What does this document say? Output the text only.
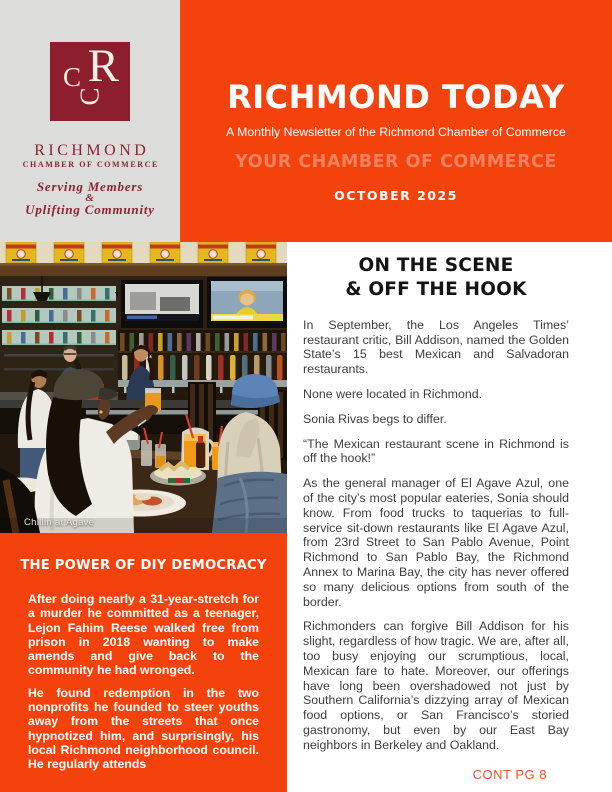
R
C
C
RICHMOND
CHAMBER OF COMMERCE
Serving Members
&
Uplifting Community
RICHMOND TODAY
A Monthly Newsletter of the Richmond Chamber of Commerce
YOUR CHAMBER OF COMMERCE
OCTOBER 2025
Chillin at Agave
THE POWER OF DIY DEMOCRACY

After doing nearly a 31-year-stretch for a murder he committed as a teenager, Lejon Fahim Reese walked free from prison in 2018 wanting to make amends and give back to the community he had wronged.

He found redemption in the two nonprofits he founded to steer youths away from the streets that once hypnotized him, and surprisingly, his local Richmond neighborhood council. He regularly attends

ON THE SCENE
& OFF THE HOOK

In September, the Los Angeles Times’ restaurant critic, Bill Addison, named the Golden State’s 15 best Mexican and Salvadoran restaurants.

None were located in Richmond.

Sonia Rivas begs to differ.

“The Mexican restaurant scene in Richmond is off the hook!”

As the general manager of El Agave Azul, one of the city’s most popular eateries, Sonia should know. From food trucks to taquerias to full-service sit-down restaurants like El Agave Azul, from 23rd Street to San Pablo Avenue, Point Richmond to San Pablo Bay, the Richmond Annex to Marina Bay, the city has never offered so many delicious options from south of the border.

Richmonders can forgive Bill Addison for his slight, regardless of how tragic. We are, after all, too busy enjoying our scrumptious, local, Mexican fare to hate. Moreover, our offerings have long been overshadowed not just by Southern California’s dizzying array of Mexican food options, or San Francisco’s storied gastronomy, but even by our East Bay neighbors in Berkeley and Oakland.

CONT PG 8
